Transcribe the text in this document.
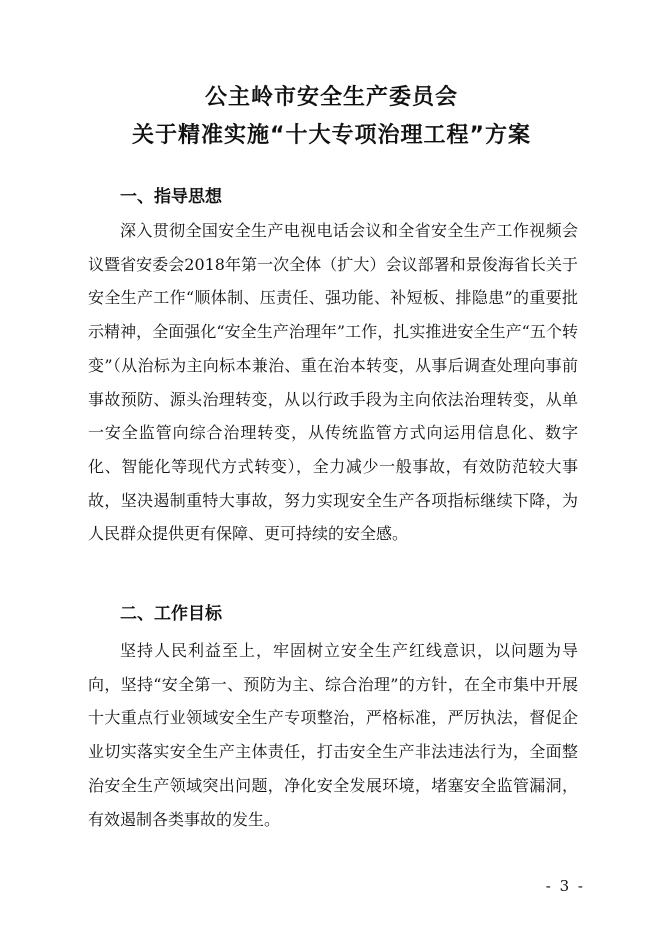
公主岭市安全生产委员会
关于精准实施“十大专项治理工程”方案
一、指导思想

深入贯彻全国安全生产电视电话会议和全省安全生产工作视频会议暨省安委会2018年第一次全体（扩大）会议部署和景俊海省长关于安全生产工作“顺体制、压责任、强功能、补短板、排隐患”的重要批示精神，全面强化“安全生产治理年”工作，扎实推进安全生产“五个转变”（从治标为主向标本兼治、重在治本转变，从事后调查处理向事前事故预防、源头治理转变，从以行政手段为主向依法治理转变，从单一安全监管向综合治理转变，从传统监管方式向运用信息化、数字化、智能化等现代方式转变），全力减少一般事故，有效防范较大事故，坚决遏制重特大事故，努力实现安全生产各项指标继续下降，为人民群众提供更有保障、更可持续的安全感。

二、工作目标

坚持人民利益至上，牢固树立安全生产红线意识，以问题为导向，坚持“安全第一、预防为主、综合治理”的方针，在全市集中开展十大重点行业领域安全生产专项整治，严格标准，严厉执法，督促企业切实落实安全生产主体责任，打击安全生产非法违法行为，全面整治安全生产领域突出问题，净化安全发展环境，堵塞安全监管漏洞，有效遏制各类事故的发生。

- 3 -
